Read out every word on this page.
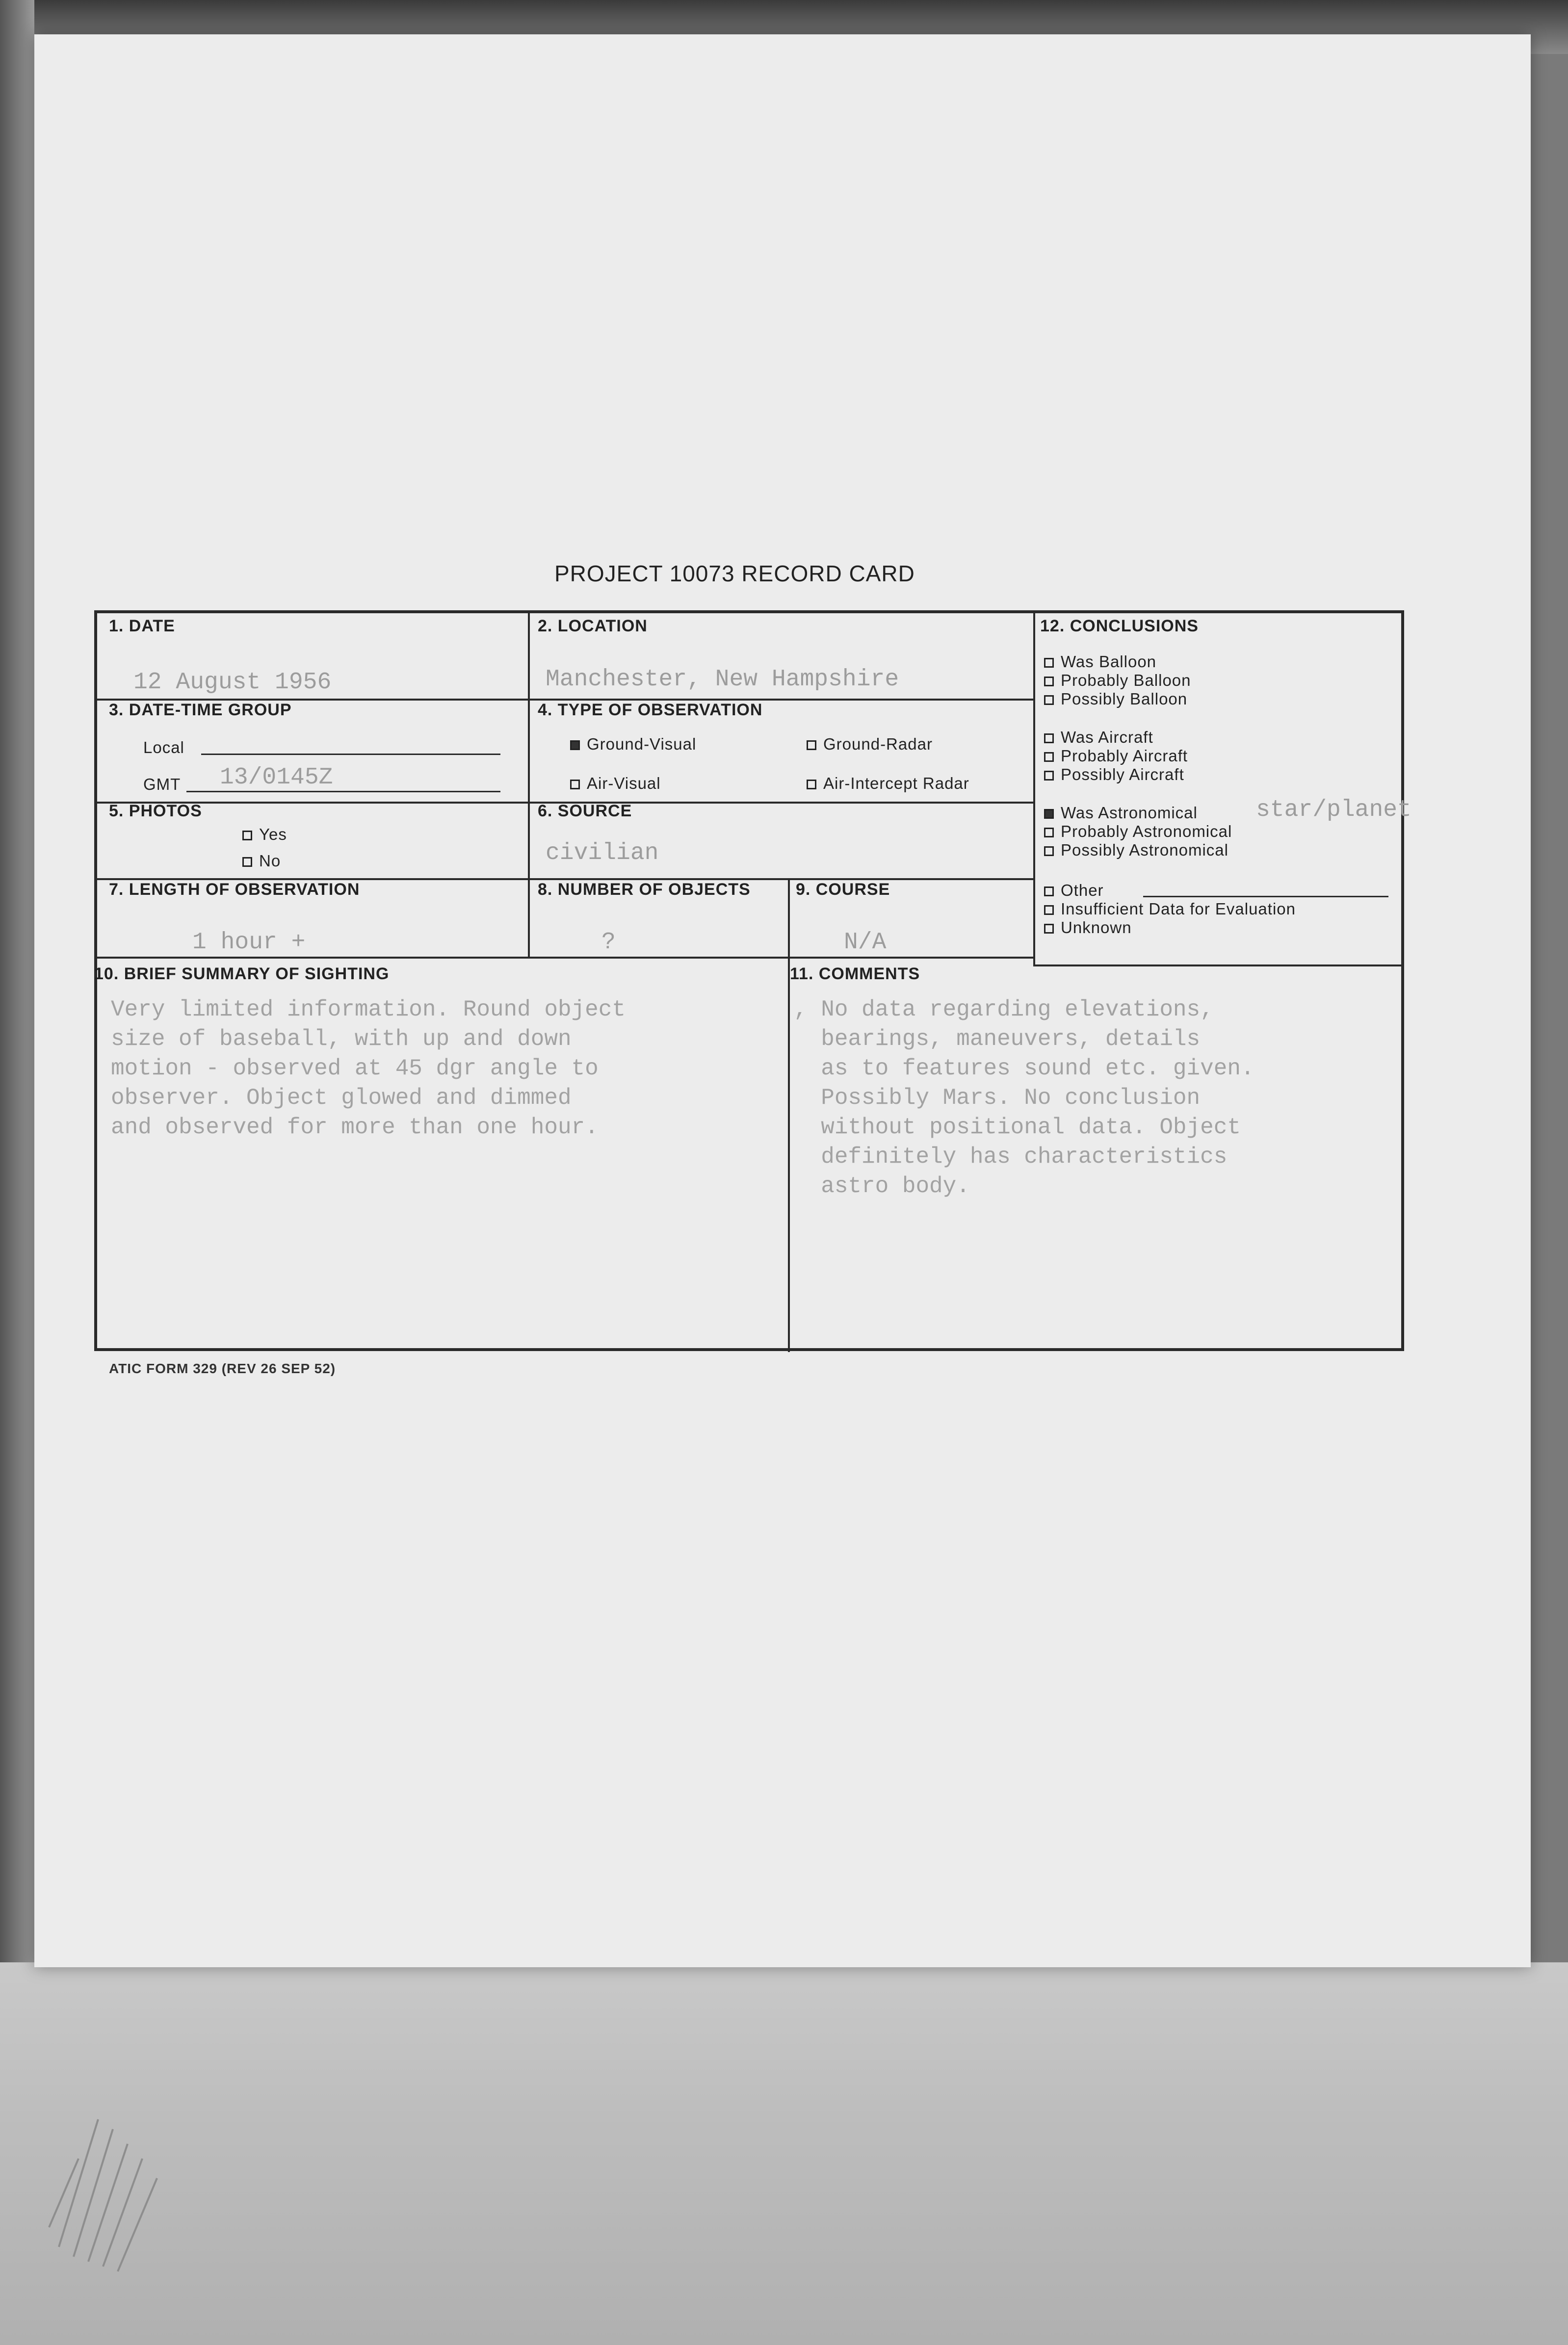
PROJECT 10073 RECORD CARD
1. DATE
12 August 1956
2. LOCATION
Manchester, New Hampshire
3. DATE-TIME GROUP
Local
GMT 13/0145Z
4. TYPE OF OBSERVATION
Ground-Visual	Ground-Radar
Air-Visual	Air-Intercept Radar
5. PHOTOS
Yes
No
6. SOURCE
civilian
7. LENGTH OF OBSERVATION
1 hour +
8. NUMBER OF OBJECTS
?
9. COURSE
N/A
10. BRIEF SUMMARY OF SIGHTING
Very limited information. Round object
size of baseball, with up and down
motion - observed at 45 dgr angle to
observer. Object glowed and dimmed
and observed for more than one hour.
11. COMMENTS
, No data regarding elevations,
bearings, maneuvers, details
as to features sound etc. given.
Possibly Mars. No conclusion
without positional data. Object
definitely has characteristics
astro body.
12. CONCLUSIONS
Was Balloon
Probably Balloon
Possibly Balloon
Was Aircraft
Probably Aircraft
Possibly Aircraft
Was Astronomical star/planet
Probably Astronomical
Possibly Astronomical
Other
Insufficient Data for Evaluation
Unknown
ATIC FORM 329 (REV 26 SEP 52)
